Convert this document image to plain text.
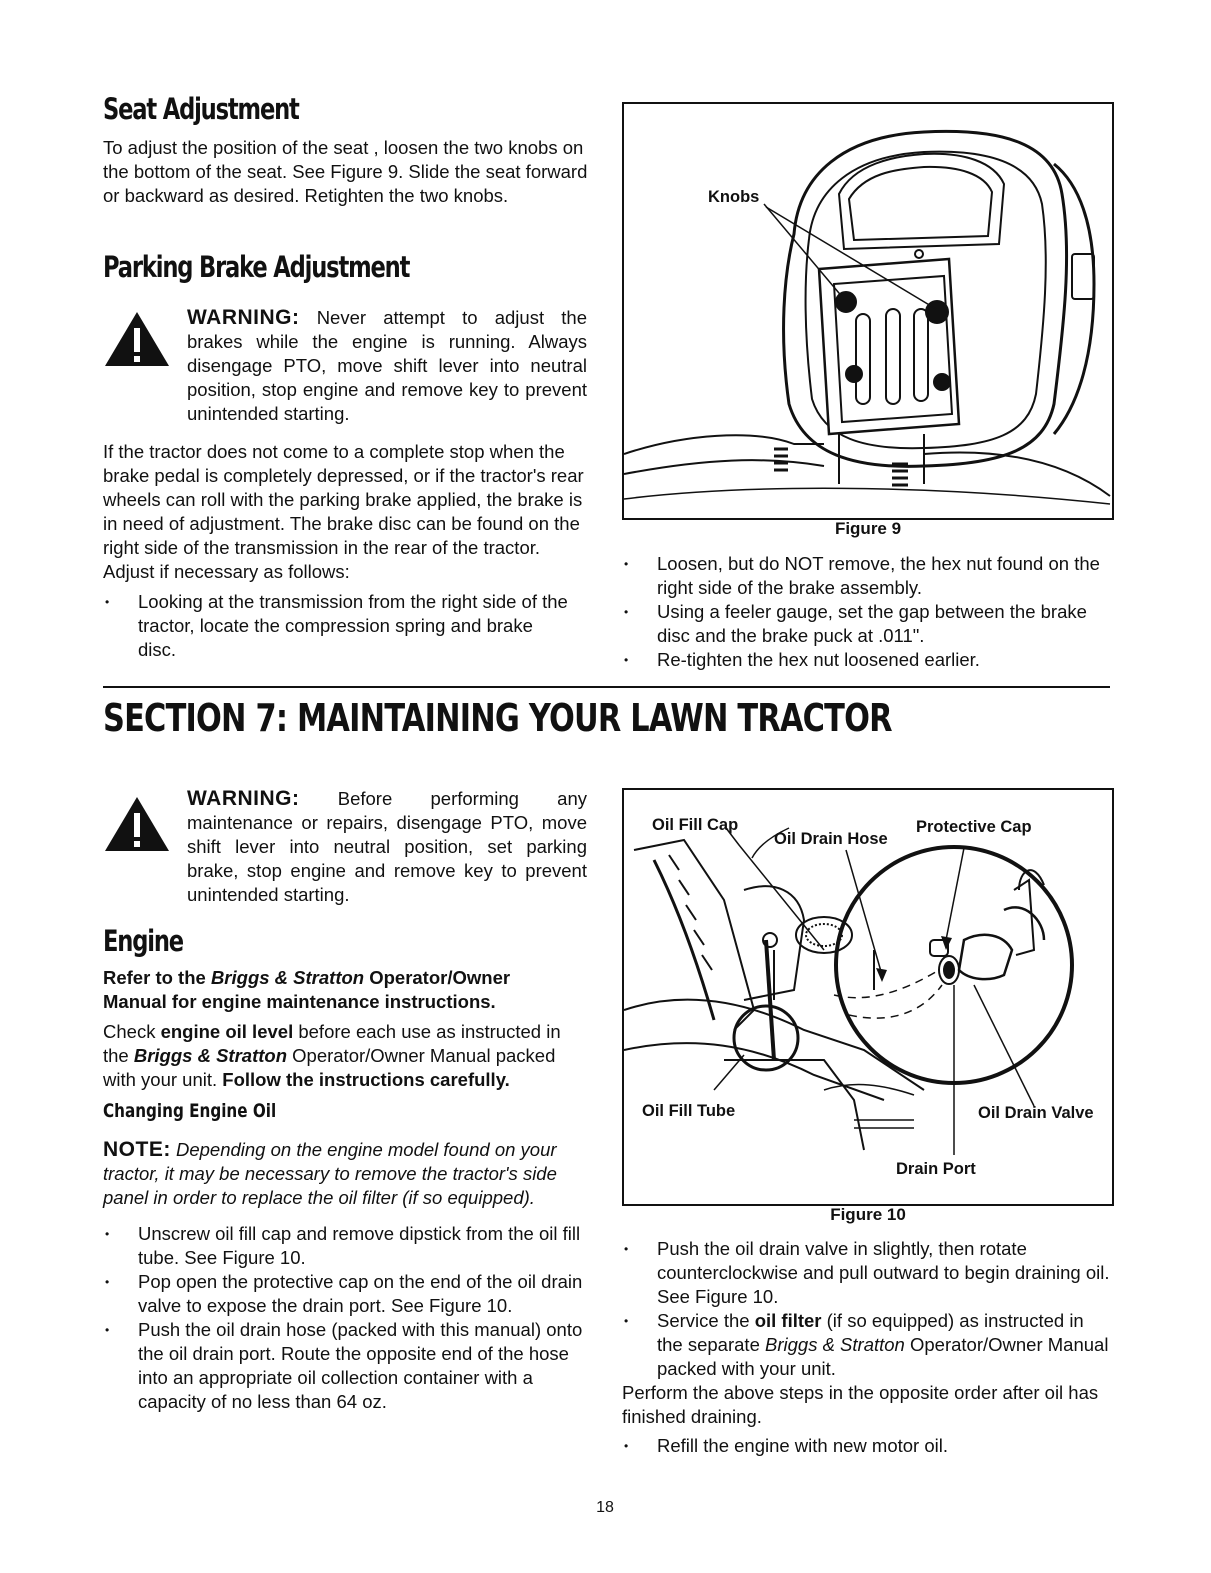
Seat Adjustment
To adjust the position of the seat , loosen the two knobs on the bottom of the seat. See Figure 9. Slide the seat forward or backward as desired. Retighten the two knobs.
Parking Brake Adjustment
WARNING: Never attempt to adjust the brakes while the engine is running. Always disengage PTO, move shift lever into neutral position, stop engine and remove key to prevent unintended starting.
If the tractor does not come to a complete stop when the brake pedal is completely depressed, or if the tractor's rear wheels can roll with the parking brake applied, the brake is in need of adjustment. The brake disc can be found on the right side of the transmission in the rear of the tractor. Adjust if necessary as follows:
• Looking at the transmission from the right side of the tractor, locate the compression spring and brake disc.
Knobs
Figure 9
• Loosen, but do NOT remove, the hex nut found on the right side of the brake assembly.
• Using a feeler gauge, set the gap between the brake disc and the brake puck at .011".
• Re-tighten the hex nut loosened earlier.
SECTION 7: MAINTAINING YOUR LAWN TRACTOR
WARNING: Before performing any maintenance or repairs, disengage PTO, move shift lever into neutral position, set parking brake, stop engine and remove key to prevent unintended starting.
Engine
Refer to the Briggs & Stratton Operator/Owner Manual for engine maintenance instructions.
Check engine oil level before each use as instructed in the Briggs & Stratton Operator/Owner Manual packed with your unit. Follow the instructions carefully.
Changing Engine Oil
NOTE: Depending on the engine model found on your tractor, it may be necessary to remove the tractor's side panel in order to replace the oil filter (if so equipped).
• Unscrew oil fill cap and remove dipstick from the oil fill tube. See Figure 10.
• Pop open the protective cap on the end of the oil drain valve to expose the drain port. See Figure 10.
• Push the oil drain hose (packed with this manual) onto the oil drain port. Route the opposite end of the hose into an appropriate oil collection container with a capacity of no less than 64 oz.
Oil Fill Cap
Oil Drain Hose
Protective Cap
Oil Fill Tube	Oil Drain Valve
Drain Port
Figure 10
• Push the oil drain valve in slightly, then rotate counterclockwise and pull outward to begin draining oil. See Figure 10.
• Service the oil filter (if so equipped) as instructed in the separate Briggs & Stratton Operator/Owner Manual packed with your unit.
Perform the above steps in the opposite order after oil has finished draining.
• Refill the engine with new motor oil.
18
